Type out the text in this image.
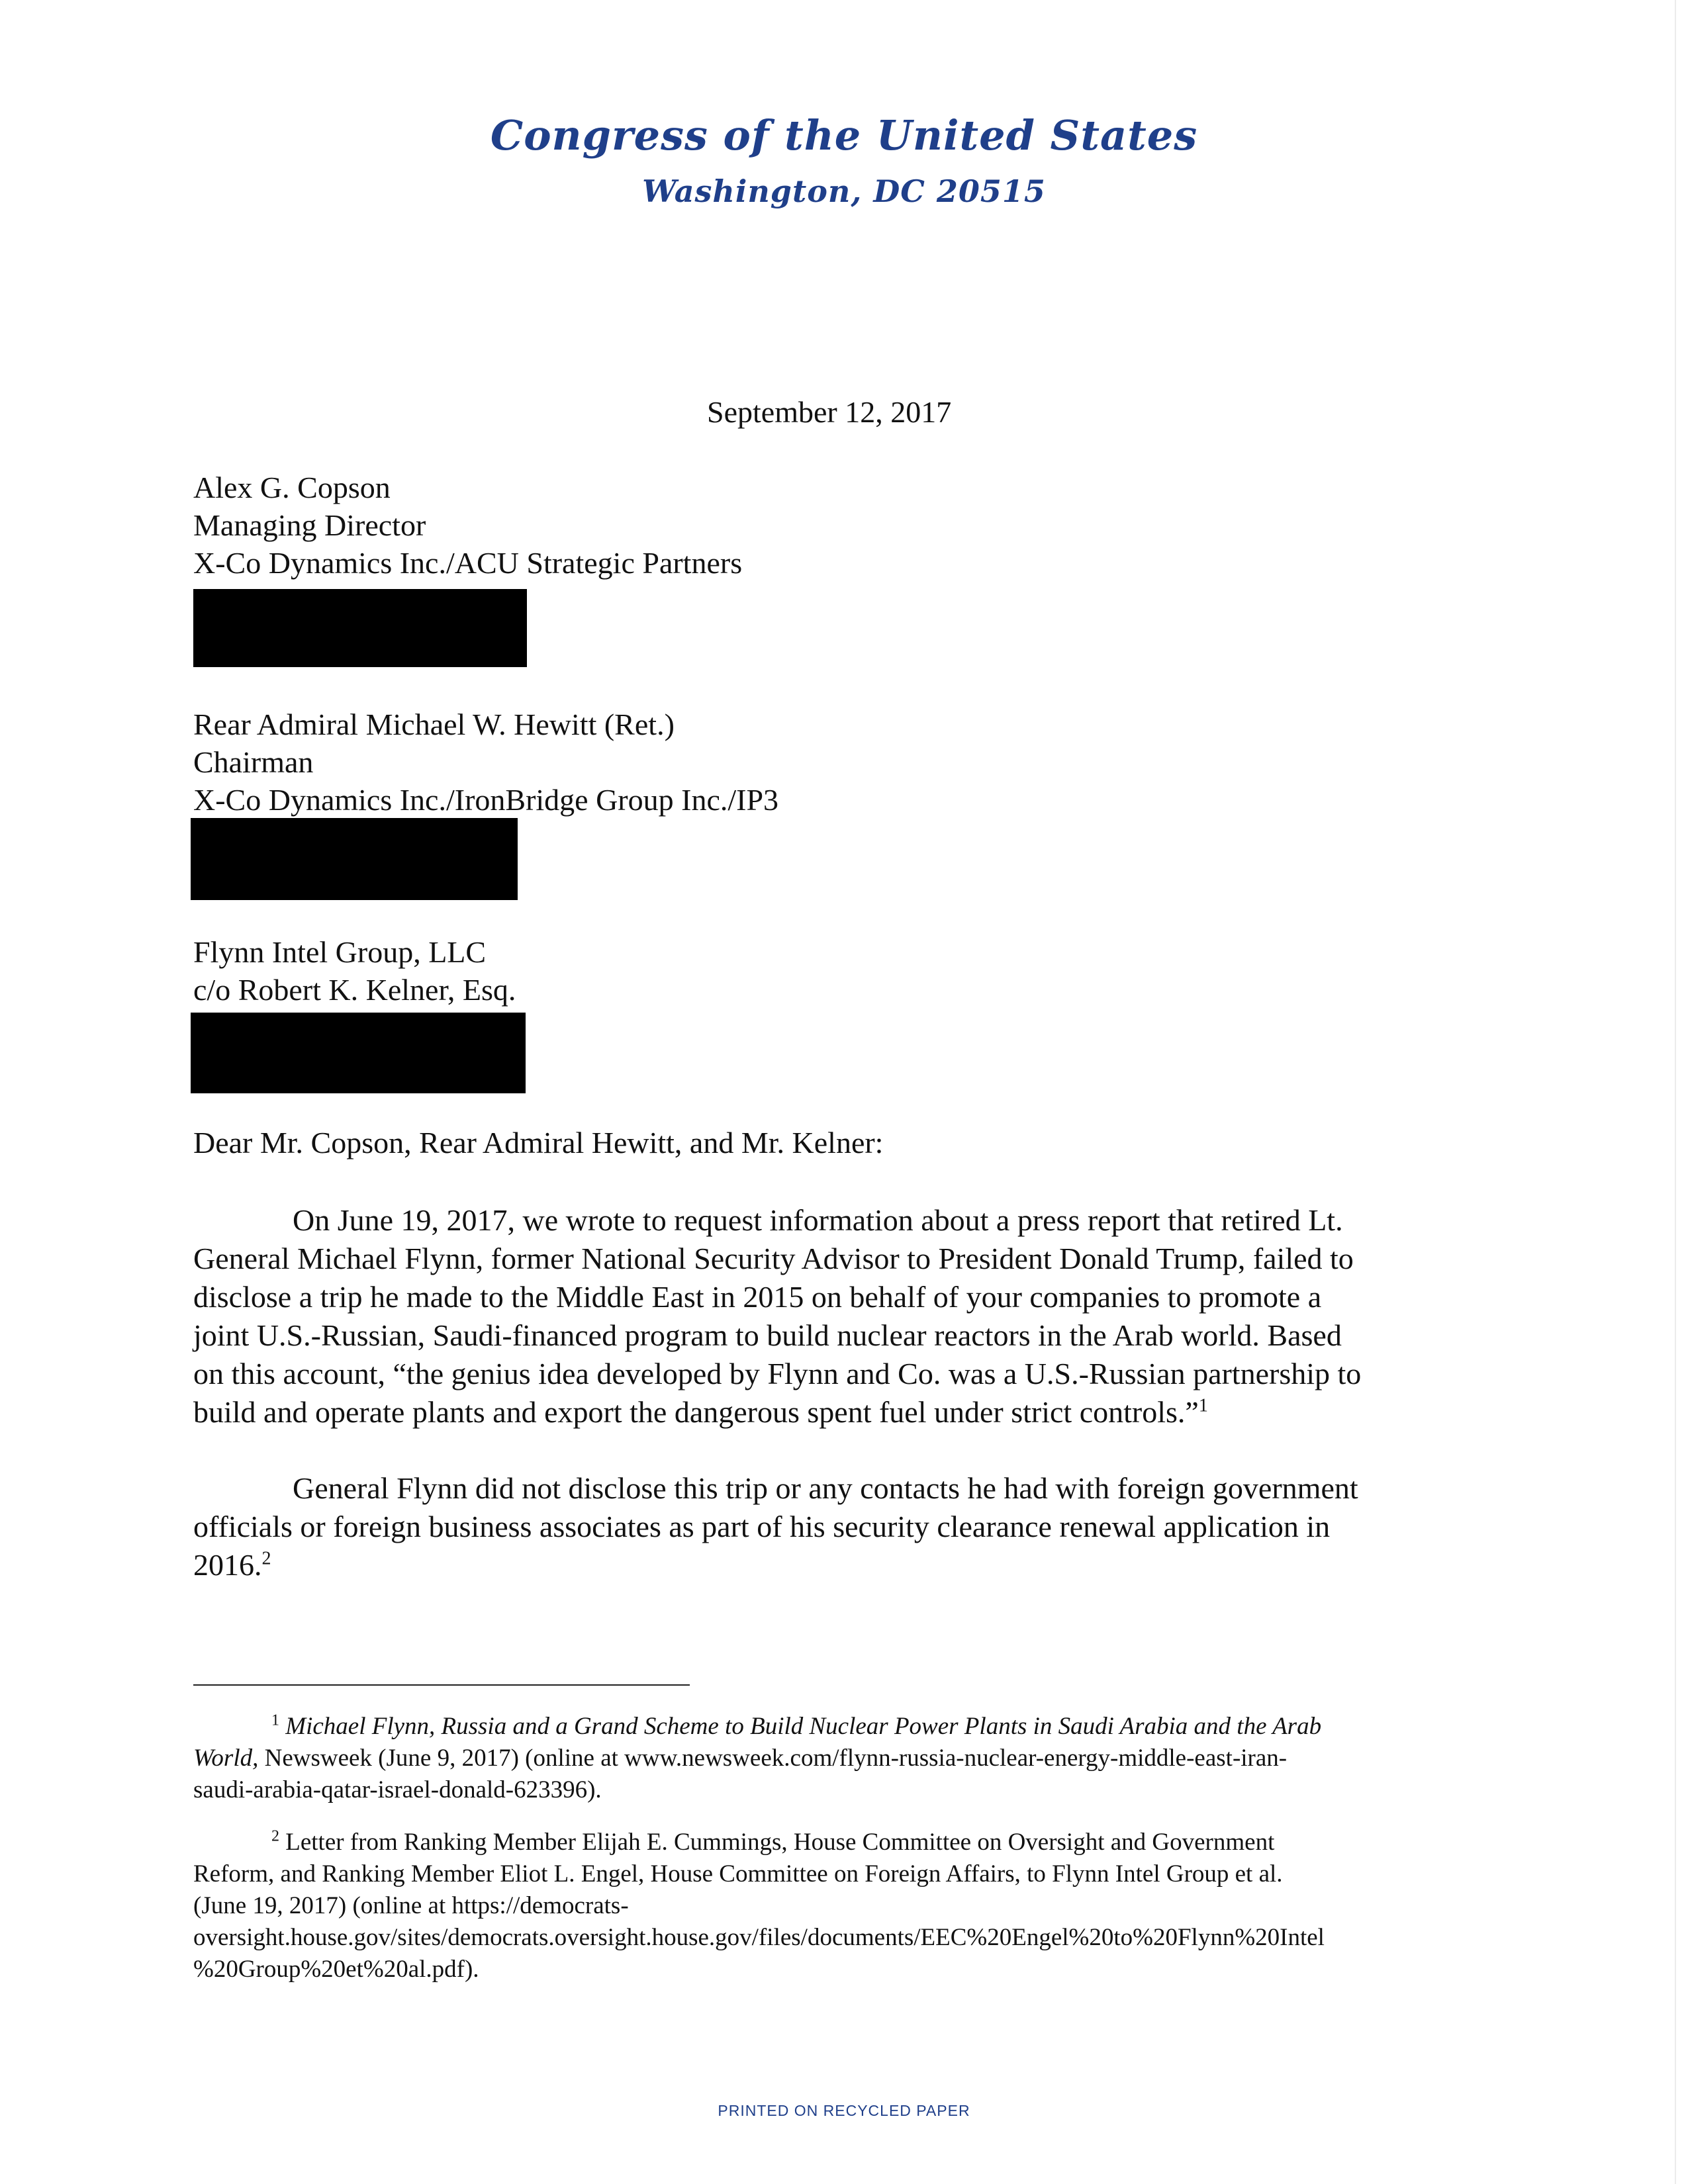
Congress of the United States
Washington, DC 20515
September 12, 2017
Alex G. Copson
Managing Director
X-Co Dynamics Inc./ACU Strategic Partners
Rear Admiral Michael W. Hewitt (Ret.)
Chairman
X-Co Dynamics Inc./IronBridge Group Inc./IP3
Flynn Intel Group, LLC
c/o Robert K. Kelner, Esq.
Dear Mr. Copson, Rear Admiral Hewitt, and Mr. Kelner:
On June 19, 2017, we wrote to request information about a press report that retired Lt.
General Michael Flynn, former National Security Advisor to President Donald Trump, failed to
disclose a trip he made to the Middle East in 2015 on behalf of your companies to promote a
joint U.S.-Russian, Saudi-financed program to build nuclear reactors in the Arab world. Based
on this account, “the genius idea developed by Flynn and Co. was a U.S.-Russian partnership to
build and operate plants and export the dangerous spent fuel under strict controls.”$^1$
General Flynn did not disclose this trip or any contacts he had with foreign government
officials or foreign business associates as part of his security clearance renewal application in
2016.$^2$
$^1$ Michael Flynn, Russia and a Grand Scheme to Build Nuclear Power Plants in Saudi Arabia and the Arab
World, Newsweek (June 9, 2017) (online at www.newsweek.com/flynn-russia-nuclear-energy-middle-east-iran-
saudi-arabia-qatar-israel-donald-623396).
$^2$ Letter from Ranking Member Elijah E. Cummings, House Committee on Oversight and Government
Reform, and Ranking Member Eliot L. Engel, House Committee on Foreign Affairs, to Flynn Intel Group et al.
(June 19, 2017) (online at https://democrats-
oversight.house.gov/sites/democrats.oversight.house.gov/files/documents/EEC%20Engel%20to%20Flynn%20Intel
%20Group%20et%20al.pdf).
PRINTED ON RECYCLED PAPER
